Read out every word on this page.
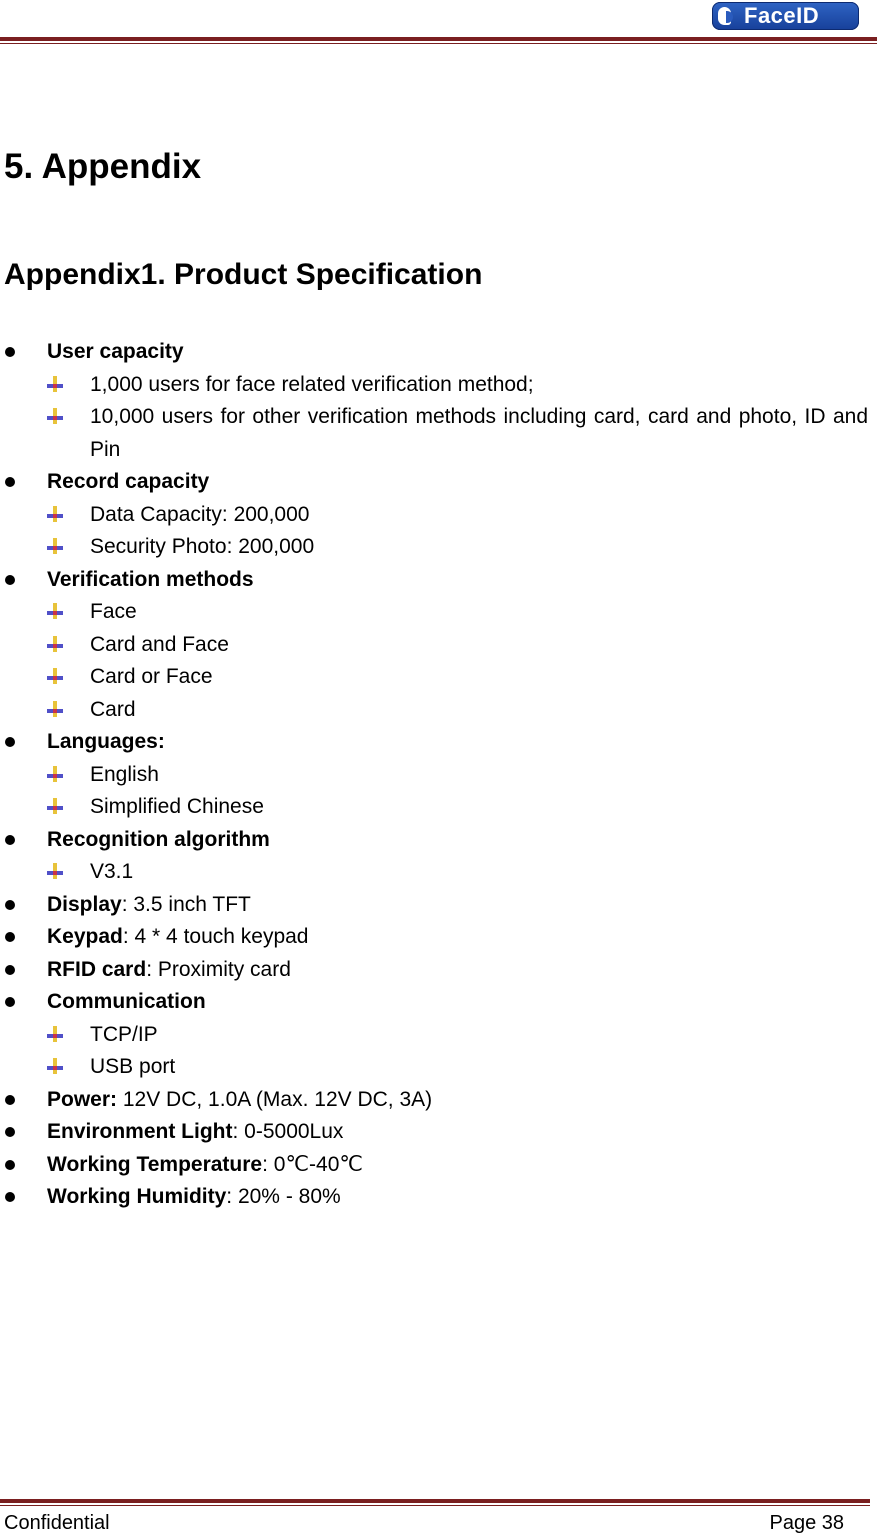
FaceID
5. Appendix
Appendix1. Product Specification
User capacity
1,000 users for face related verification method;
10,000 users for other verification methods including card, card and photo, ID and Pin
Record capacity
Data Capacity: 200,000
Security Photo: 200,000
Verification methods
Face
Card and Face
Card or Face
Card
Languages:
English
Simplified Chinese
Recognition algorithm
V3.1
Display: 3.5 inch TFT
Keypad: 4 * 4 touch keypad
RFID card: Proximity card
Communication
TCP/IP
USB port
Power: 12V DC, 1.0A (Max. 12V DC, 3A)
Environment Light: 0-5000Lux
Working Temperature: 0℃-40℃
Working Humidity: 20% - 80%
Confidential	Page 38
